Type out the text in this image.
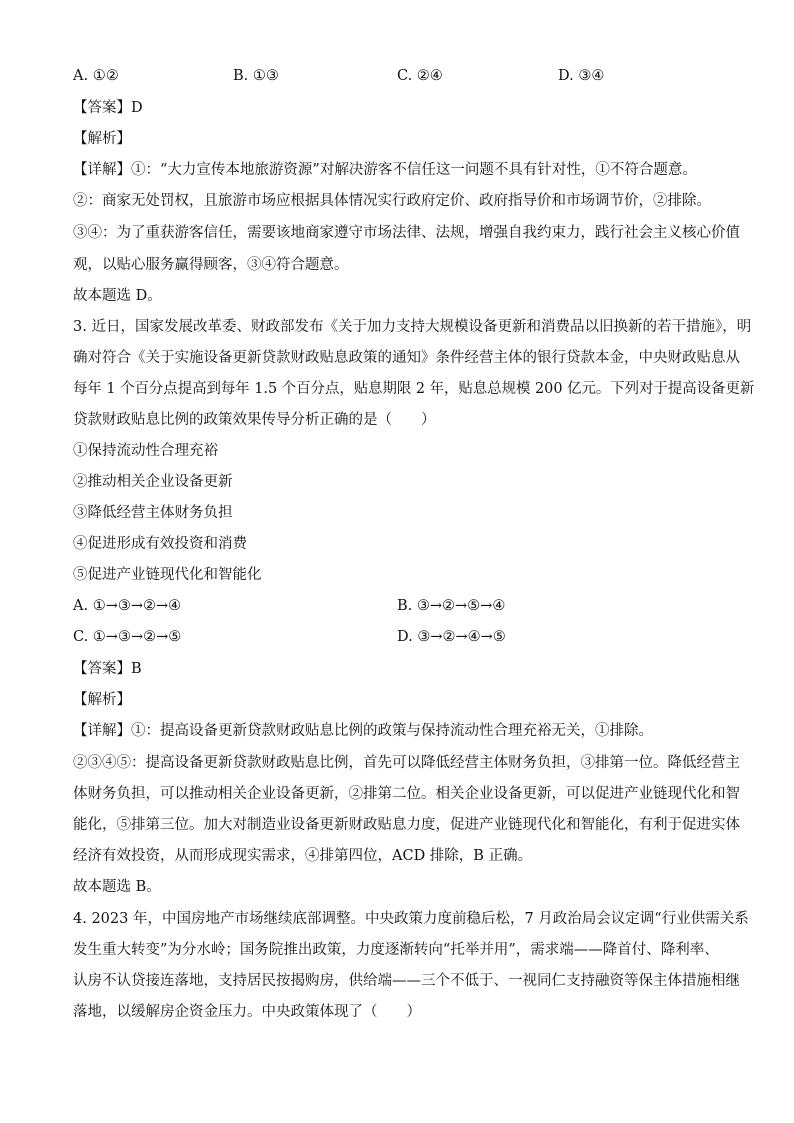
A. ①②	B. ①③	C. ②④	D. ③④
【答案】D
【解析】
【详解】①：“大力宣传本地旅游资源”对解决游客不信任这一问题不具有针对性，①不符合题意。
②：商家无处罚权，且旅游市场应根据具体情况实行政府定价、政府指导价和市场调节价，②排除。
③④：为了重获游客信任，需要该地商家遵守市场法律、法规，增强自我约束力，践行社会主义核心价值
观，以贴心服务赢得顾客，③④符合题意。
故本题选 D。
3. 近日，国家发展改革委、财政部发布《关于加力支持大规模设备更新和消费品以旧换新的若干措施》，明
确对符合《关于实施设备更新贷款财政贴息政策的通知》条件经营主体的银行贷款本金，中央财政贴息从
每年 1 个百分点提高到每年 1.5 个百分点，贴息期限 2 年，贴息总规模 200 亿元。下列对于提高设备更新
贷款财政贴息比例的政策效果传导分析正确的是（　　）
①保持流动性合理充裕
②推动相关企业设备更新
③降低经营主体财务负担
④促进形成有效投资和消费
⑤促进产业链现代化和智能化
A. ①→③→②→④	B. ③→②→⑤→④
C. ①→③→②→⑤	D. ③→②→④→⑤
【答案】B
【解析】
【详解】①：提高设备更新贷款财政贴息比例的政策与保持流动性合理充裕无关，①排除。
②③④⑤：提高设备更新贷款财政贴息比例，首先可以降低经营主体财务负担，③排第一位。降低经营主
体财务负担，可以推动相关企业设备更新，②排第二位。相关企业设备更新，可以促进产业链现代化和智
能化，⑤排第三位。加大对制造业设备更新财政贴息力度，促进产业链现代化和智能化，有利于促进实体
经济有效投资，从而形成现实需求，④排第四位，ACD 排除，B 正确。
故本题选 B。
4. 2023 年，中国房地产市场继续底部调整。中央政策力度前稳后松，7 月政治局会议定调“行业供需关系
发生重大转变”为分水岭；国务院推出政策，力度逐渐转向“托举并用”，需求端——降首付、降利率、
认房不认贷接连落地，支持居民按揭购房，供给端——三个不低于、一视同仁支持融资等保主体措施相继
落地，以缓解房企资金压力。中央政策体现了（　　）
